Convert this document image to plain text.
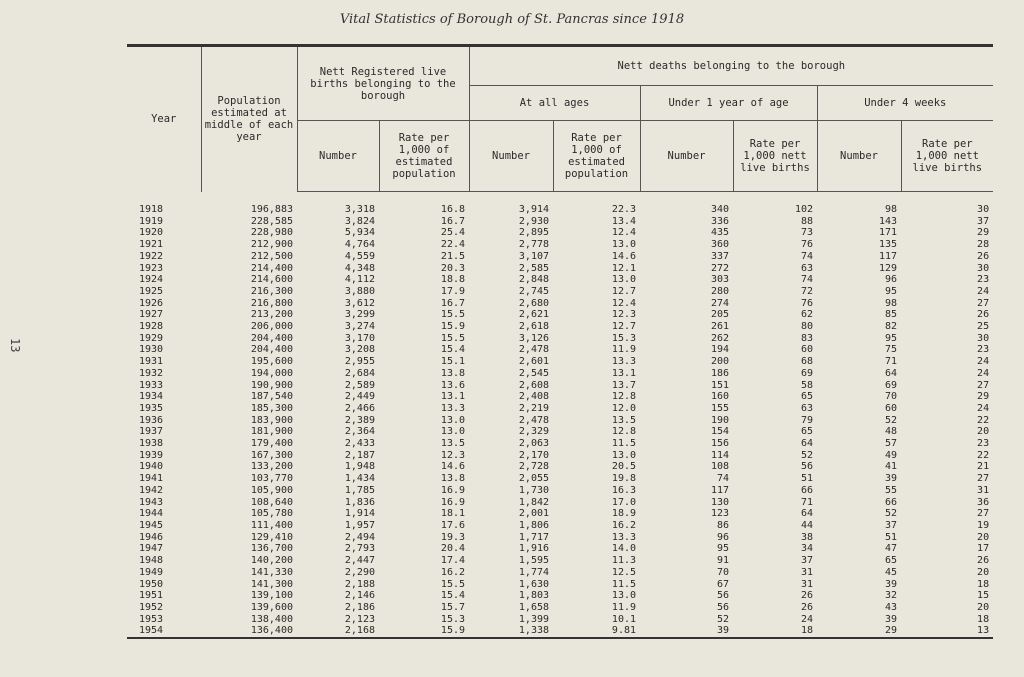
Vital Statistics of Borough of St. Pancras since 1918
13
Year	Population estimated at middle of each year	Nett Registered live births belonging to the borough		Nett deaths belonging to the borough					
				At all ages		Under 1 year of age		Under 4 weeks	
		Number	Rate per 1,000 of estimated population	Number	Rate per 1,000 of estimated population	Number	Rate per 1,000 nett live births	Number	Rate per 1,000 nett live births
1918	196,883	3,318	16.8	3,914	22.3	340	102	98	30
1919	228,585	3,824	16.7	2,930	13.4	336	88	143	37
1920	228,980	5,934	25.4	2,895	12.4	435	73	171	29
1921	212,900	4,764	22.4	2,778	13.0	360	76	135	28
1922	212,500	4,559	21.5	3,107	14.6	337	74	117	26
1923	214,400	4,348	20.3	2,585	12.1	272	63	129	30
1924	214,600	4,112	18.8	2,848	13.0	303	74	96	23
1925	216,300	3,880	17.9	2,745	12.7	280	72	95	24
1926	216,800	3,612	16.7	2,680	12.4	274	76	98	27
1927	213,200	3,299	15.5	2,621	12.3	205	62	85	26
1928	206,000	3,274	15.9	2,618	12.7	261	80	82	25
1929	204,400	3,170	15.5	3,126	15.3	262	83	95	30
1930	204,400	3,208	15.4	2,478	11.9	194	60	75	23
1931	195,600	2,955	15.1	2,601	13.3	200	68	71	24
1932	194,000	2,684	13.8	2,545	13.1	186	69	64	24
1933	190,900	2,589	13.6	2,608	13.7	151	58	69	27
1934	187,540	2,449	13.1	2,408	12.8	160	65	70	29
1935	185,300	2,466	13.3	2,219	12.0	155	63	60	24
1936	183,900	2,389	13.0	2,478	13.5	190	79	52	22
1937	181,900	2,364	13.0	2,329	12.8	154	65	48	20
1938	179,400	2,433	13.5	2,063	11.5	156	64	57	23
1939	167,300	2,187	12.3	2,170	13.0	114	52	49	22
1940	133,200	1,948	14.6	2,728	20.5	108	56	41	21
1941	103,770	1,434	13.8	2,055	19.8	74	51	39	27
1942	105,900	1,785	16.9	1,730	16.3	117	66	55	31
1943	108,640	1,836	16.9	1,842	17.0	130	71	66	36
1944	105,780	1,914	18.1	2,001	18.9	123	64	52	27
1945	111,400	1,957	17.6	1,806	16.2	86	44	37	19
1946	129,410	2,494	19.3	1,717	13.3	96	38	51	20
1947	136,700	2,793	20.4	1,916	14.0	95	34	47	17
1948	140,200	2,447	17.4	1,595	11.3	91	37	65	26
1949	141,330	2,290	16.2	1,774	12.5	70	31	45	20
1950	141,300	2,188	15.5	1,630	11.5	67	31	39	18
1951	139,100	2,146	15.4	1,803	13.0	56	26	32	15
1952	139,600	2,186	15.7	1,658	11.9	56	26	43	20
1953	138,400	2,123	15.3	1,399	10.1	52	24	39	18
1954	136,400	2,168	15.9	1,338	9.81	39	18	29	13
